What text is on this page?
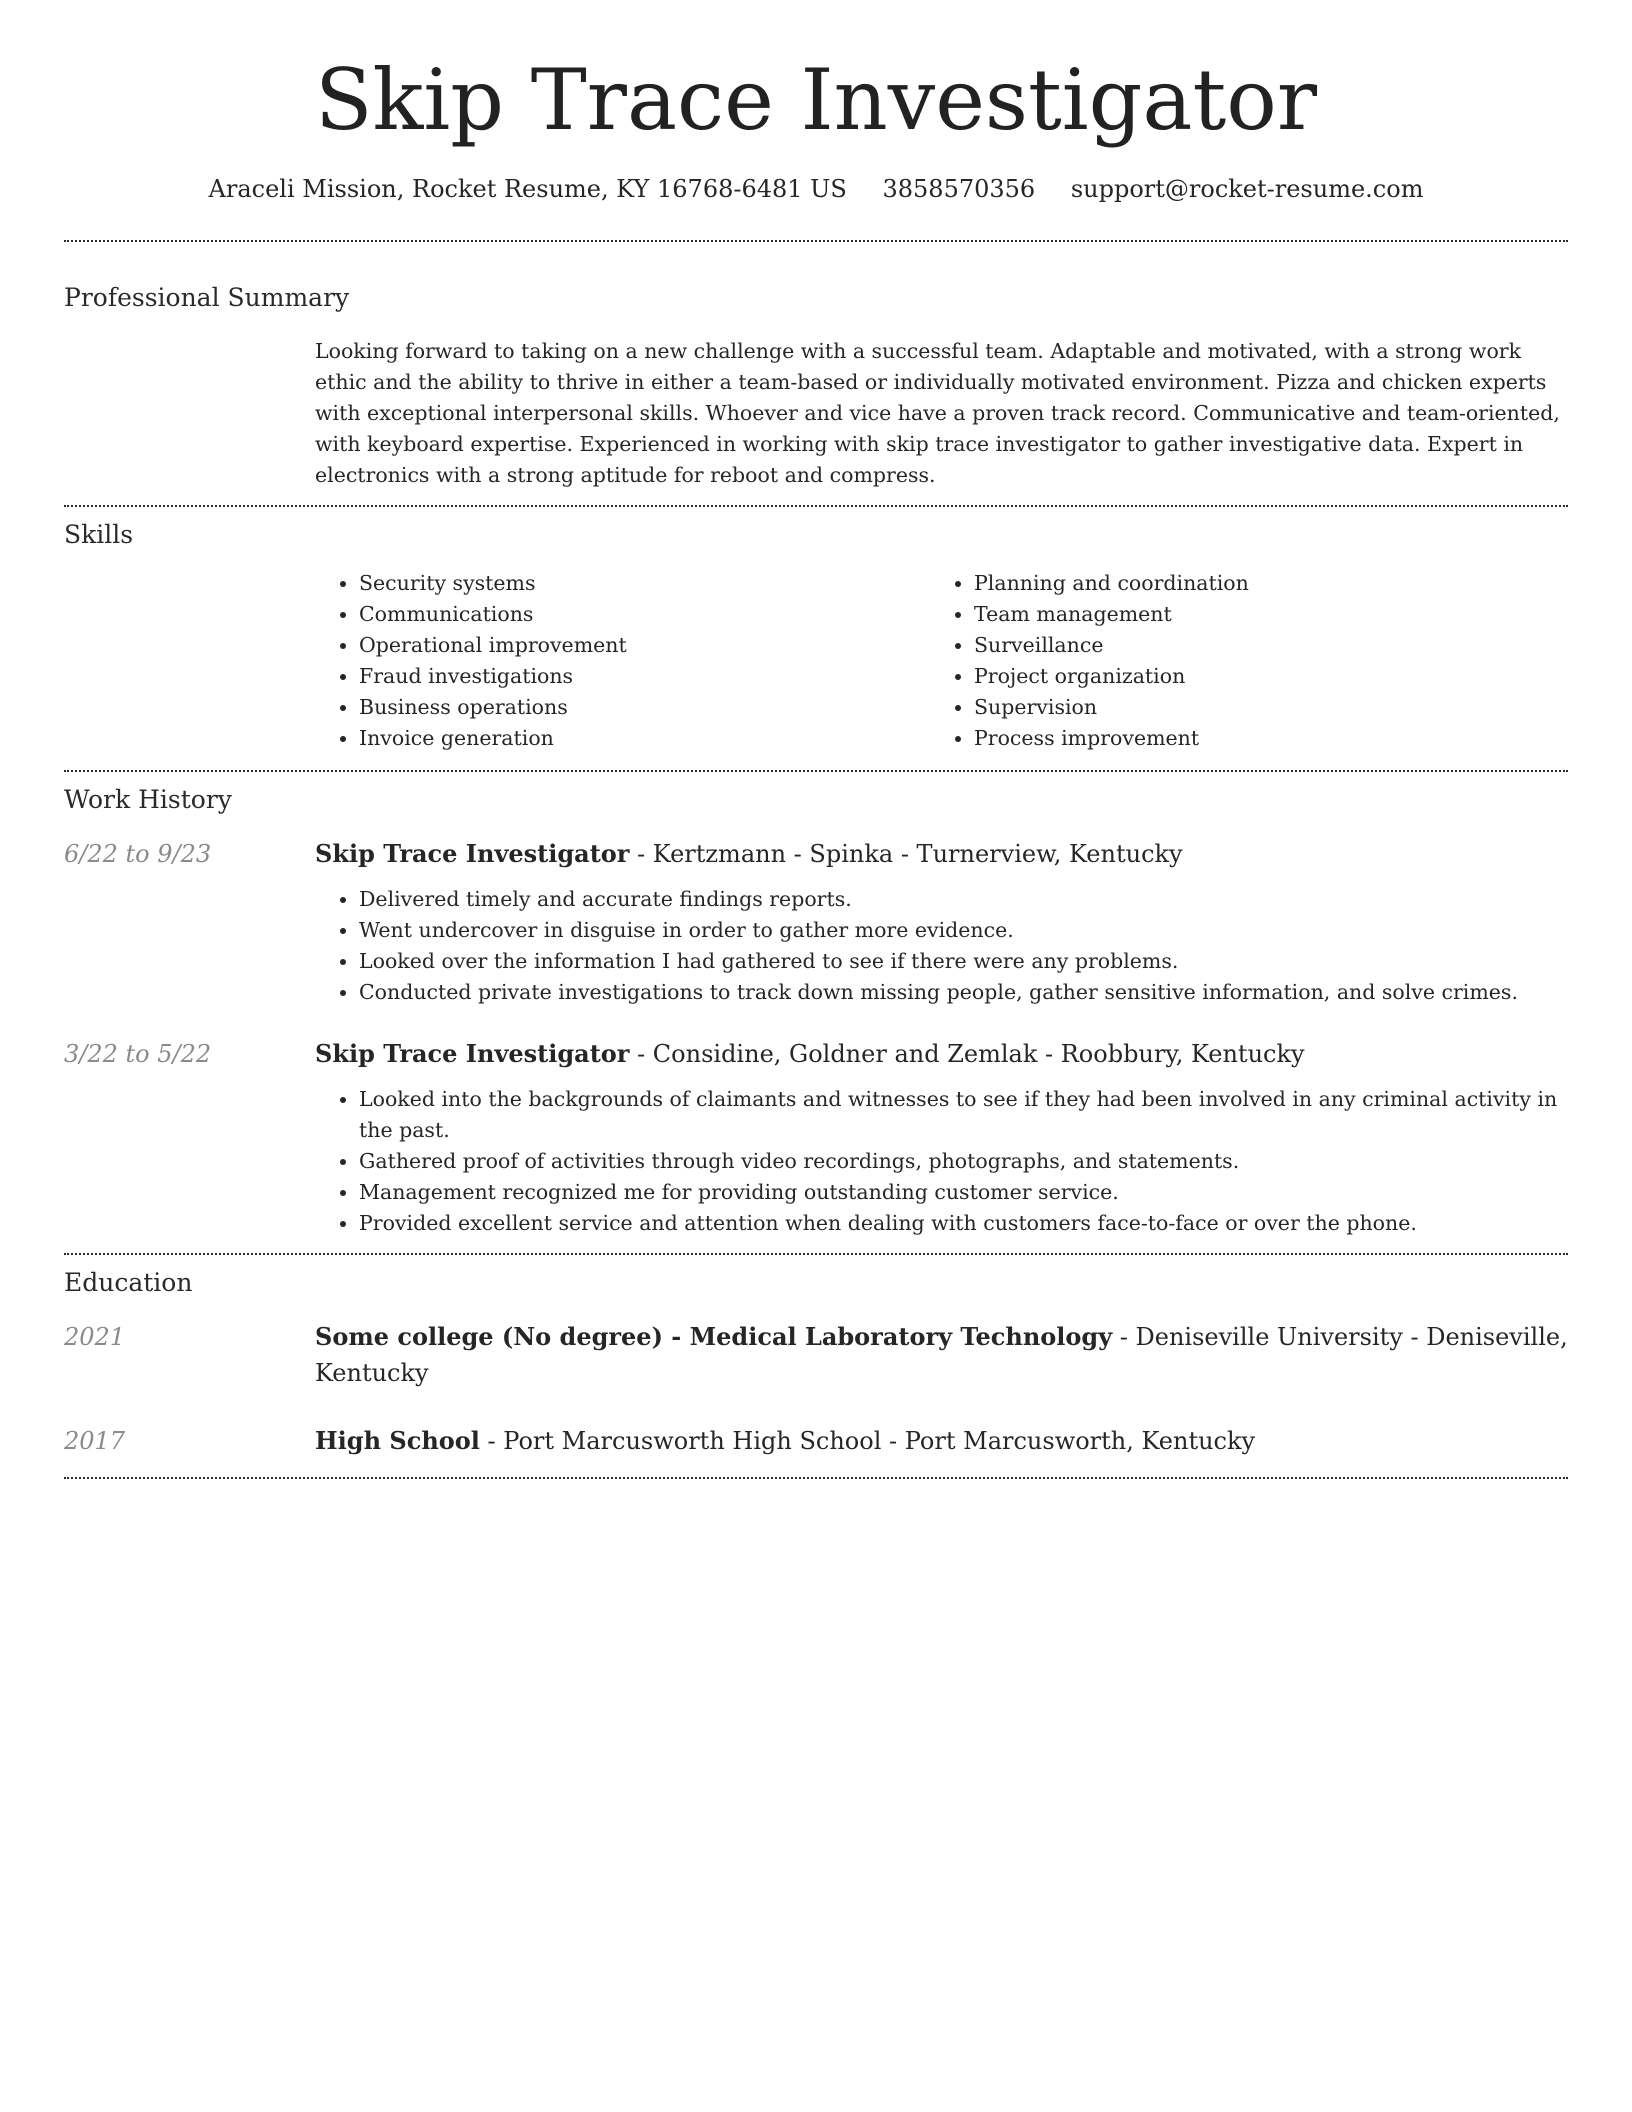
Skip Trace Investigator
Araceli Mission, Rocket Resume, KY 16768-6481 US 3858570356 support@rocket-resume.com
Professional Summary

Looking forward to taking on a new challenge with a successful team. Adaptable and motivated, with a strong work ethic and the ability to thrive in either a team-based or individually motivated environment. Pizza and chicken experts with exceptional interpersonal skills. Whoever and vice have a proven track record. Communicative and team-oriented, with keyboard expertise. Experienced in working with skip trace investigator to gather investigative data. Expert in electronics with a strong aptitude for reboot and compress.

Skills
• Security systems
• Communications
• Operational improvement
• Fraud investigations
• Business operations
• Invoice generation
• Planning and coordination
• Team management
• Surveillance
• Project organization
• Supervision
• Process improvement
Work History
6/22 to 9/23	Skip Trace Investigator - Kertzmann - Spinka - Turnerview, Kentucky
• Delivered timely and accurate findings reports.
• Went undercover in disguise in order to gather more evidence.
• Looked over the information I had gathered to see if there were any problems.
• Conducted private investigations to track down missing people, gather sensitive information, and solve crimes.
3/22 to 5/22	Skip Trace Investigator - Considine, Goldner and Zemlak - Roobbury, Kentucky
• Looked into the backgrounds of claimants and witnesses to see if they had been involved in any criminal activity in the past.
• Gathered proof of activities through video recordings, photographs, and statements.
• Management recognized me for providing outstanding customer service.
• Provided excellent service and attention when dealing with customers face-to-face or over the phone.
Education
2021	Some college (No degree) - Medical Laboratory Technology - Deniseville University - Deniseville, Kentucky
2017	High School - Port Marcusworth High School - Port Marcusworth, Kentucky
